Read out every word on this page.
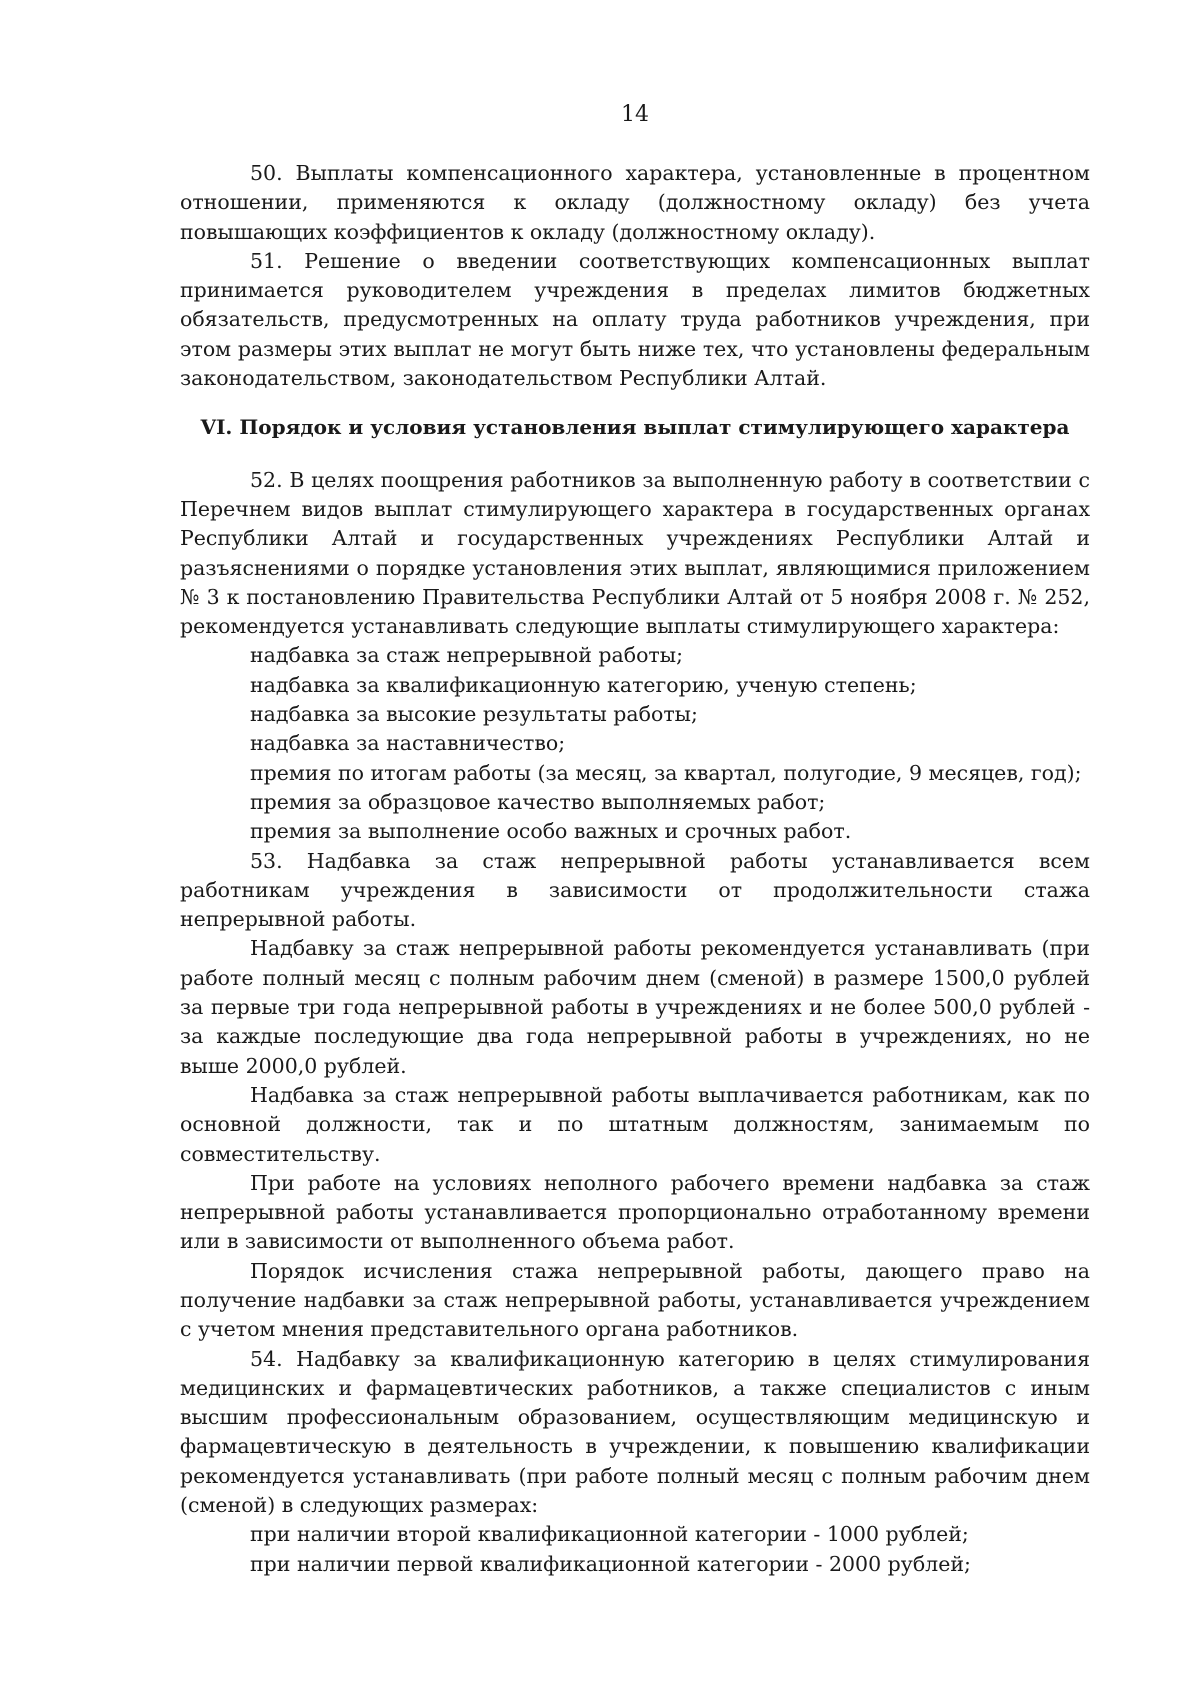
14

50. Выплаты компенсационного характера, установленные в процентном отношении, применяются к окладу (должностному окладу) без учета повышающих коэффициентов к окладу (должностному окладу).

51. Решение о введении соответствующих компенсационных выплат принимается руководителем учреждения в пределах лимитов бюджетных обязательств, предусмотренных на оплату труда работников учреждения, при этом размеры этих выплат не могут быть ниже тех, что установлены федеральным законодательством, законодательством Республики Алтай.

VI. Порядок и условия установления выплат стимулирующего характера

52. В целях поощрения работников за выполненную работу в соответствии с Перечнем видов выплат стимулирующего характера в государственных органах Республики Алтай и государственных учреждениях Республики Алтай и разъяснениями о порядке установления этих выплат, являющимися приложением № 3 к постановлению Правительства Республики Алтай от 5 ноября 2008 г. № 252, рекомендуется устанавливать следующие выплаты стимулирующего характера:

надбавка за стаж непрерывной работы;

надбавка за квалификационную категорию, ученую степень;

надбавка за высокие результаты работы;

надбавка за наставничество;

премия по итогам работы (за месяц, за квартал, полугодие, 9 месяцев, год);

премия за образцовое качество выполняемых работ;

премия за выполнение особо важных и срочных работ.

53. Надбавка за стаж непрерывной работы устанавливается всем работникам учреждения в зависимости от продолжительности стажа непрерывной работы.

Надбавку за стаж непрерывной работы рекомендуется устанавливать (при работе полный месяц с полным рабочим днем (сменой) в размере 1500,0 рублей за первые три года непрерывной работы в учреждениях и не более 500,0 рублей - за каждые последующие два года непрерывной работы в учреждениях, но не выше 2000,0 рублей.

Надбавка за стаж непрерывной работы выплачивается работникам, как по основной должности, так и по штатным должностям, занимаемым по совместительству.

При работе на условиях неполного рабочего времени надбавка за стаж непрерывной работы устанавливается пропорционально отработанному времени или в зависимости от выполненного объема работ.

Порядок исчисления стажа непрерывной работы, дающего право на получение надбавки за стаж непрерывной работы, устанавливается учреждением с учетом мнения представительного органа работников.

54. Надбавку за квалификационную категорию в целях стимулирования медицинских и фармацевтических работников, а также специалистов с иным высшим профессиональным образованием, осуществляющим медицинскую и фармацевтическую в деятельность в учреждении, к повышению квалификации рекомендуется устанавливать (при работе полный месяц с полным рабочим днем (сменой) в следующих размерах:

при наличии второй квалификационной категории - 1000 рублей;

при наличии первой квалификационной категории - 2000 рублей;
